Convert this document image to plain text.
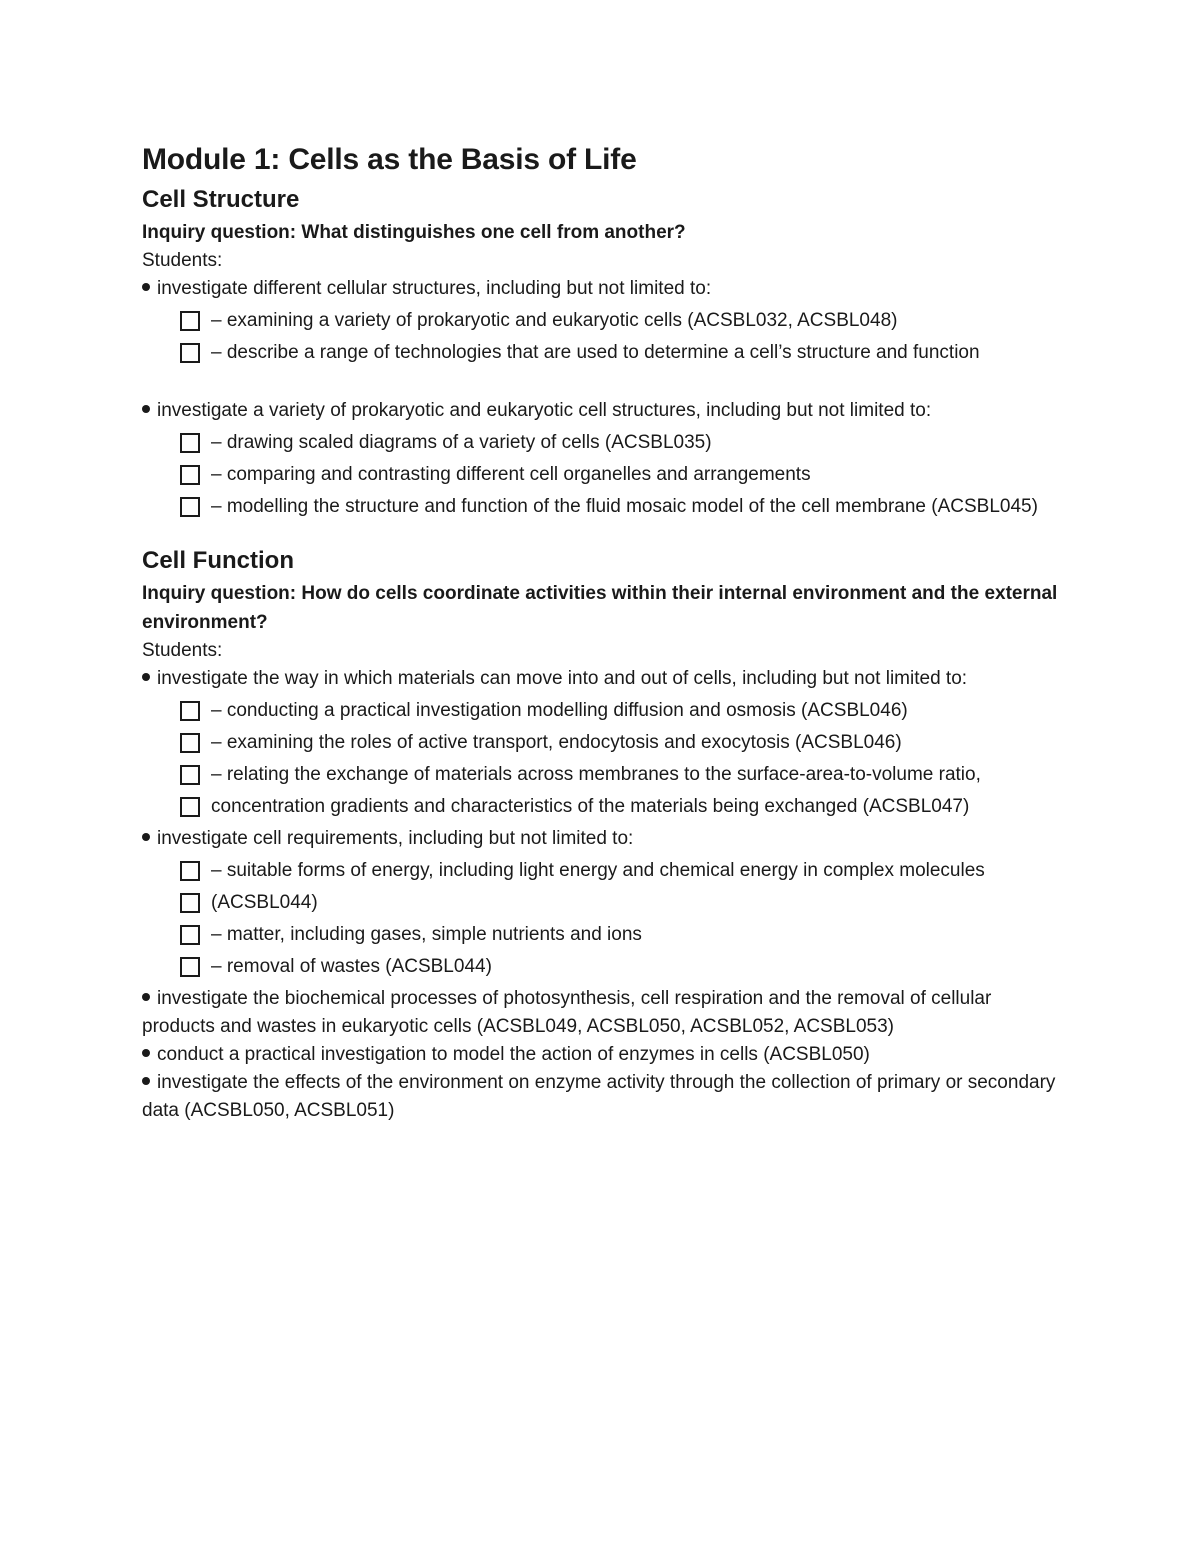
Module 1: Cells as the Basis of Life
Cell Structure

Inquiry question: What distinguishes one cell from another?

Students:

investigate different cellular structures, including but not limited to:

– examining a variety of prokaryotic and eukaryotic cells (ACSBL032, ACSBL048)
– describe a range of technologies that are used to determine a cell’s structure and function

investigate a variety of prokaryotic and eukaryotic cell structures, including but not limited to:

– drawing scaled diagrams of a variety of cells (ACSBL035)
– comparing and contrasting different cell organelles and arrangements
– modelling the structure and function of the fluid mosaic model of the cell membrane (ACSBL045)
Cell Function

Inquiry question: How do cells coordinate activities within their internal environment and the external environment?

Students:

investigate the way in which materials can move into and out of cells, including but not limited to:

– conducting a practical investigation modelling diffusion and osmosis (ACSBL046)
– examining the roles of active transport, endocytosis and exocytosis (ACSBL046)
– relating the exchange of materials across membranes to the surface-area-to-volume ratio,
concentration gradients and characteristics of the materials being exchanged (ACSBL047)

investigate cell requirements, including but not limited to:

– suitable forms of energy, including light energy and chemical energy in complex molecules
(ACSBL044)
– matter, including gases, simple nutrients and ions
– removal of wastes (ACSBL044)

investigate the biochemical processes of photosynthesis, cell respiration and the removal of cellular products and wastes in eukaryotic cells (ACSBL049, ACSBL050, ACSBL052, ACSBL053)

conduct a practical investigation to model the action of enzymes in cells (ACSBL050)

investigate the effects of the environment on enzyme activity through the collection of primary or secondary data (ACSBL050, ACSBL051)
